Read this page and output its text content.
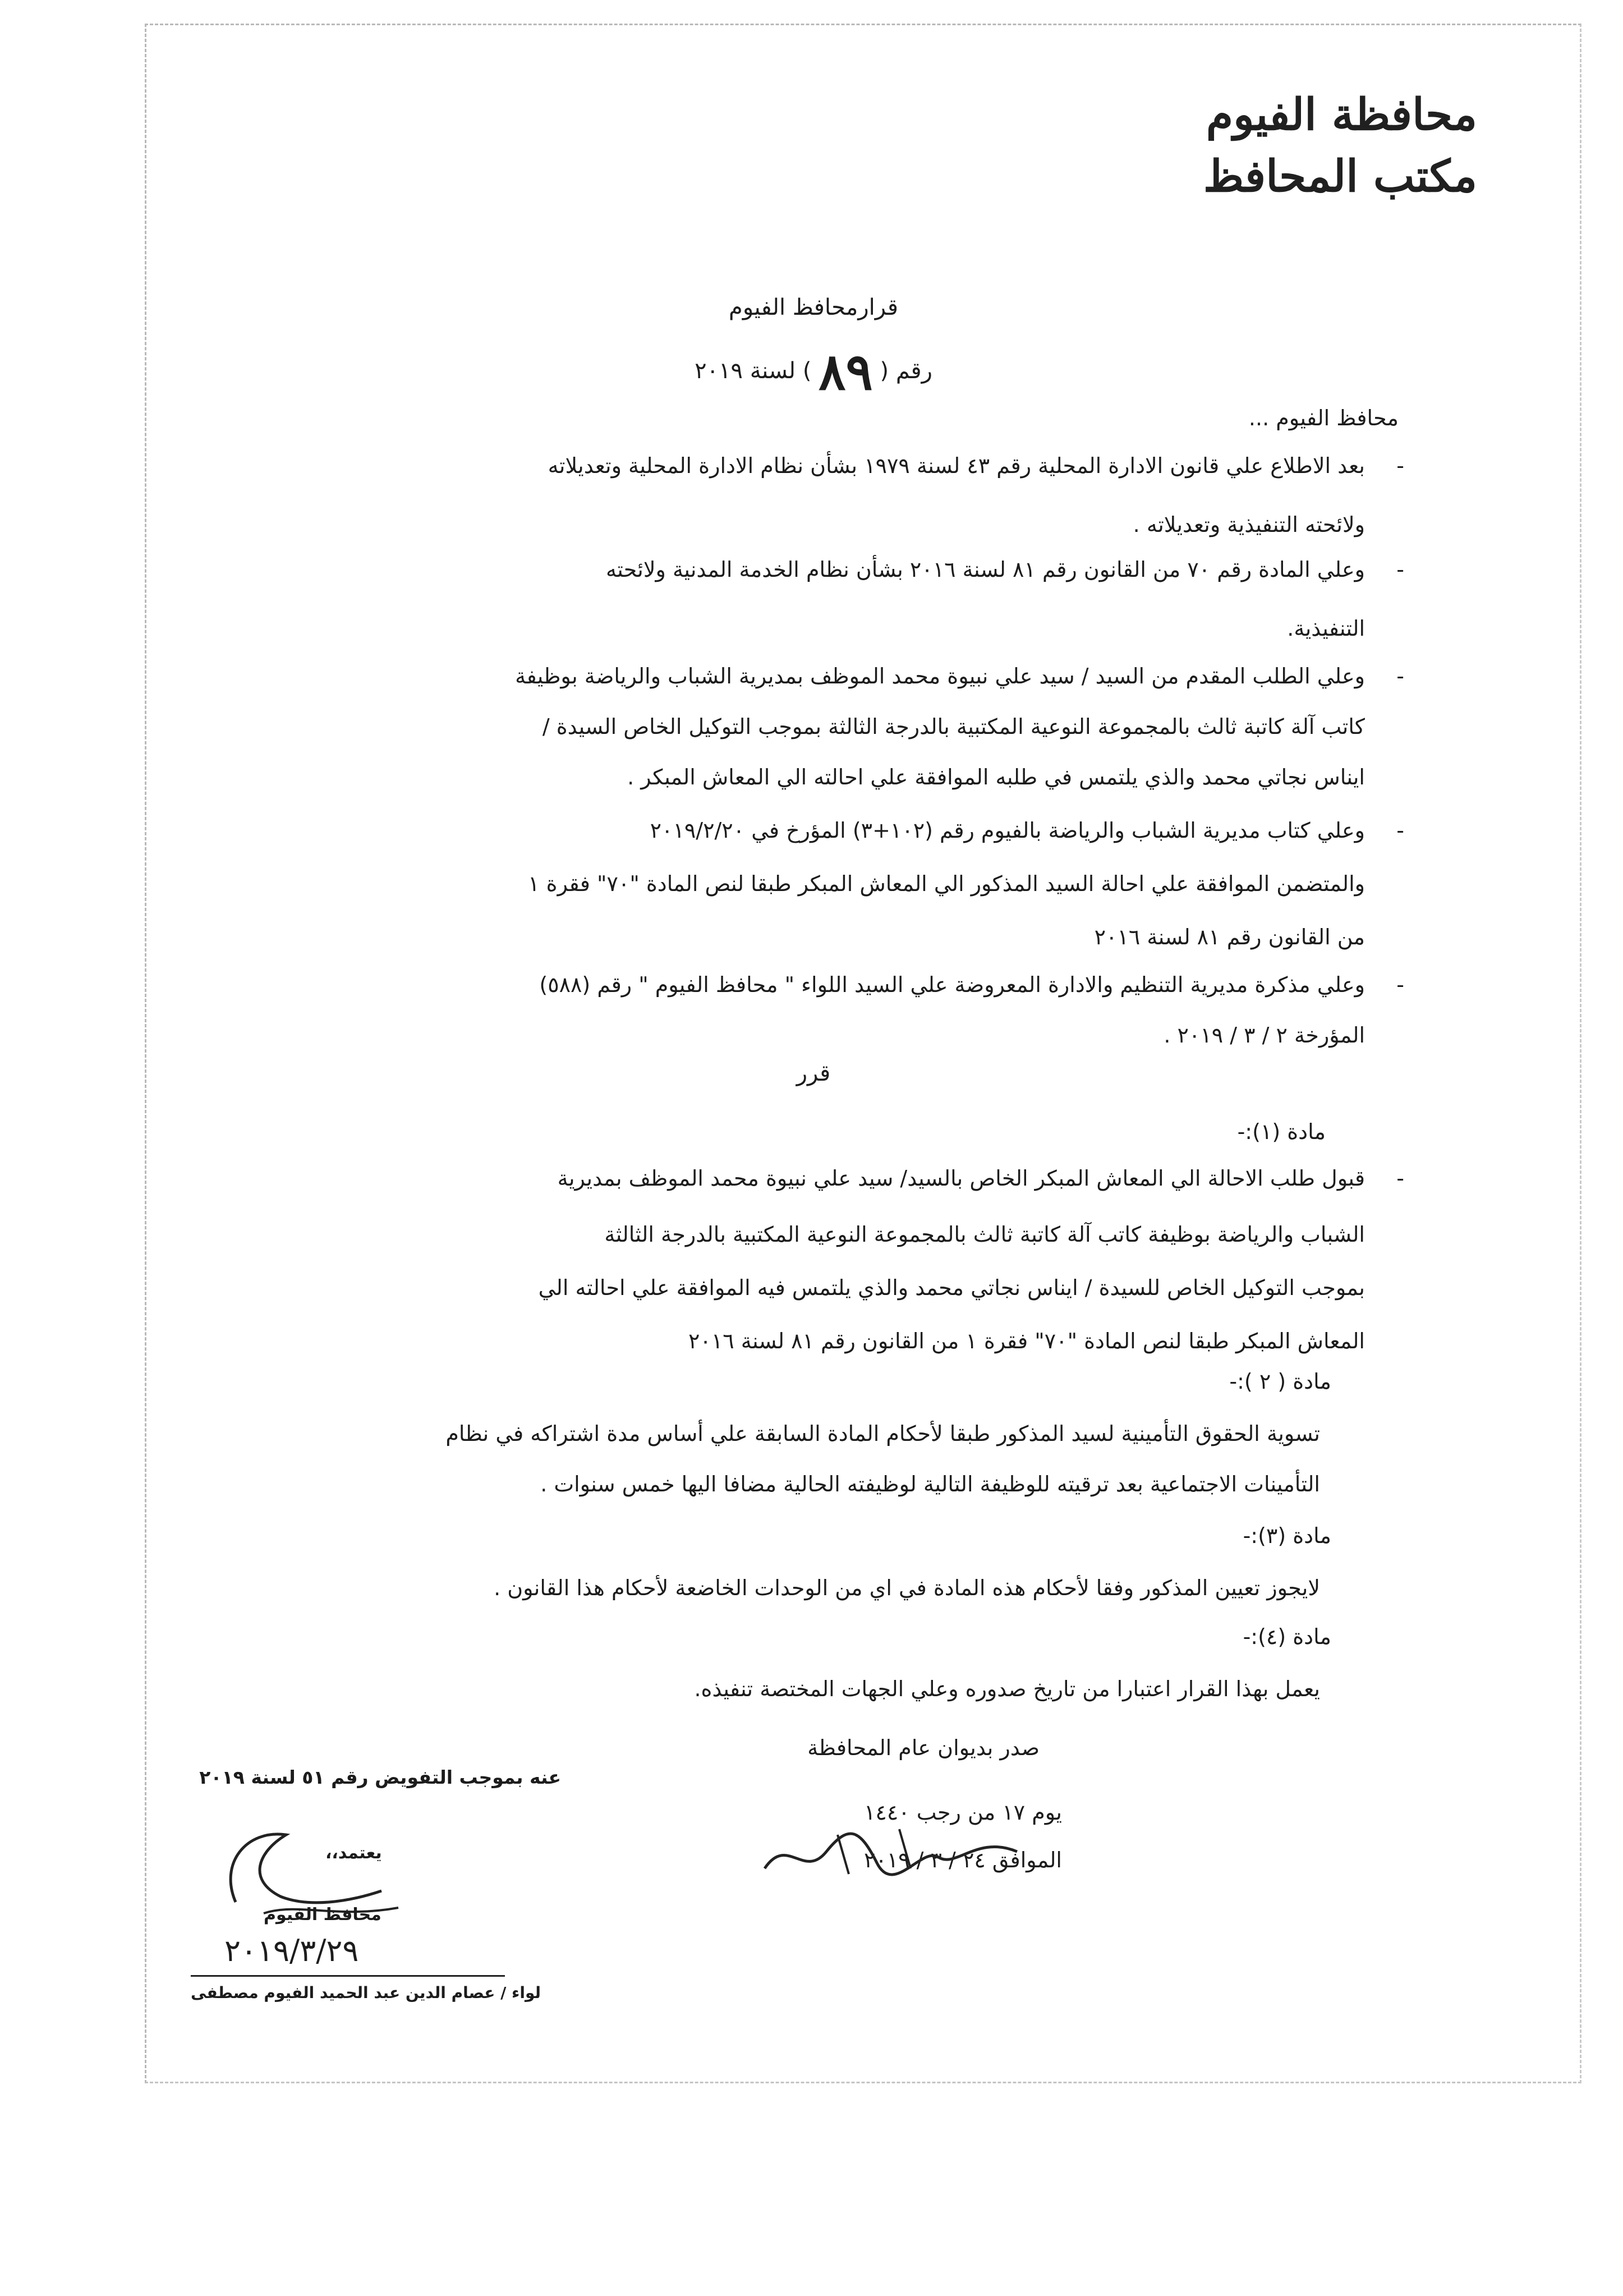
محافظة الفيوم
مكتب المحافظ
قرارمحافظ الفيوم
رقم ( ٨٩ ) لسنة ٢٠١٩
محافظ الفيوم ...
- بعد الاطلاع علي قانون الادارة المحلية رقم ٤٣ لسنة ١٩٧٩ بشأن نظام الادارة المحلية وتعديلاته
ولائحته التنفيذية وتعديلاته .
- وعلي المادة رقم ٧٠ من القانون رقم ٨١ لسنة ٢٠١٦ بشأن نظام الخدمة المدنية ولائحته
التنفيذية.
- وعلي الطلب المقدم من السيد / سيد علي نبيوة محمد الموظف بمديرية الشباب والرياضة بوظيفة
كاتب آلة كاتبة ثالث بالمجموعة النوعية المكتبية بالدرجة الثالثة بموجب التوكيل الخاص السيدة /
ايناس نجاتي محمد والذي يلتمس في طلبه الموافقة علي احالته الي المعاش المبكر .
- وعلي كتاب مديرية الشباب والرياضة بالفيوم رقم (١٠٢+٣) المؤرخ في ٢٠١٩/٢/٢٠
والمتضمن الموافقة علي احالة السيد المذكور الي المعاش المبكر طبقا لنص المادة "٧٠" فقرة ١
من القانون رقم ٨١ لسنة ٢٠١٦
- وعلي مذكرة مديرية التنظيم والادارة المعروضة علي السيد اللواء " محافظ الفيوم " رقم (٥٨٨)
المؤرخة ٢ / ٣ / ٢٠١٩ .
قرر
مادة (١):-
- قبول طلب الاحالة الي المعاش المبكر الخاص بالسيد/ سيد علي نبيوة محمد الموظف بمديرية
الشباب والرياضة بوظيفة كاتب آلة كاتبة ثالث بالمجموعة النوعية المكتبية بالدرجة الثالثة
بموجب التوكيل الخاص للسيدة / ايناس نجاتي محمد والذي يلتمس فيه الموافقة علي احالته الي
المعاش المبكر طبقا لنص المادة "٧٠" فقرة ١ من القانون رقم ٨١ لسنة ٢٠١٦
مادة ( ٢ ):-
تسوية الحقوق التأمينية لسيد المذكور طبقا لأحكام المادة السابقة علي أساس مدة اشتراكه في نظام
التأمينات الاجتماعية بعد ترقيته للوظيفة التالية لوظيفته الحالية مضافا اليها خمس سنوات .
مادة (٣):-
لايجوز تعيين المذكور وفقا لأحكام هذه المادة في اي من الوحدات الخاضعة لأحكام هذا القانون .
مادة (٤):-
يعمل بهذا القرار اعتبارا من تاريخ صدوره وعلي الجهات المختصة تنفيذه.
صدر بديوان عام المحافظة
يوم ١٧ من رجب ١٤٤٠
الموافق ٢٤ / ٣ / ٢٠١٩
عنه بموجب التفويض رقم ٥١ لسنة ٢٠١٩
يعتمد،،
محافظ الفيوم
٢٠١٩/٣/٢٩
لواء / عصام الدين عبد الحميد الفيوم مصطفى
